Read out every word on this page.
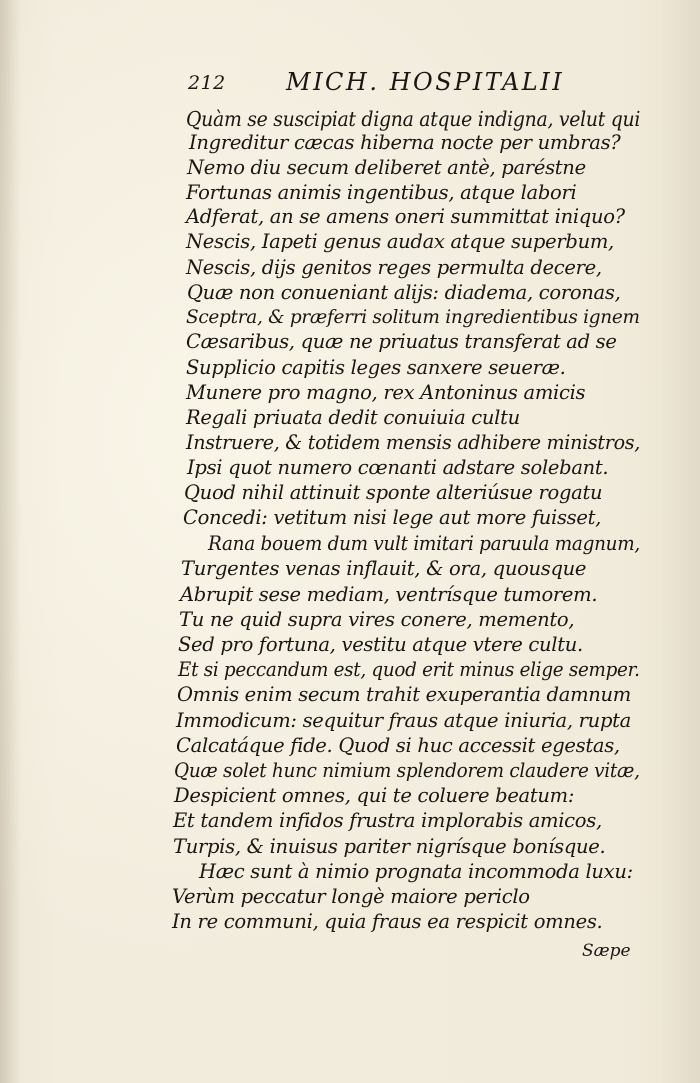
212	MICH. HOSPITALII
Quàm se suscipiat digna atque indigna, velut qui
Ingreditur cæcas hiberna nocte per umbras?
Nemo diu secum deliberet antè, paréstne
Fortunas animis ingentibus, atque labori
Adferat, an se amens oneri summittat iniquo?
Nescis, Iapeti genus audax atque superbum,
Nescis, dijs genitos reges permulta decere,
Quæ non conueniant alijs: diadema, coronas,
Sceptra, & præferri solitum ingredientibus ignem
Cæsaribus, quæ ne priuatus transferat ad se
Supplicio capitis leges sanxere seueræ.
Munere pro magno, rex Antoninus amicis
Regali priuata dedit conuiuia cultu
Instruere, & totidem mensis adhibere ministros,
Ipsi quot numero cœnanti adstare solebant.
Quod nihil attinuit sponte alteriúsue rogatu
Concedi: vetitum nisi lege aut more fuisset,
Rana bouem dum vult imitari paruula magnum,
Turgentes venas inflauit, & ora, quousque
Abrupit sese mediam, ventrísque tumorem.
Tu ne quid supra vires conere, memento,
Sed pro fortuna, vestitu atque vtere cultu.
Et si peccandum est, quod erit minus elige semper.
Omnis enim secum trahit exuperantia damnum
Immodicum: sequitur fraus atque iniuria, rupta
Calcatáque fide. Quod si huc accessit egestas,
Quæ solet hunc nimium splendorem claudere vitæ,
Despicient omnes, qui te coluere beatum:
Et tandem infidos frustra implorabis amicos,
Turpis, & inuisus pariter nigrísque bonísque.
Hæc sunt à nimio prognata incommoda luxu:
Verùm peccatur longè maiore periclo
In re communi, quia fraus ea respicit omnes.
Sæpe
